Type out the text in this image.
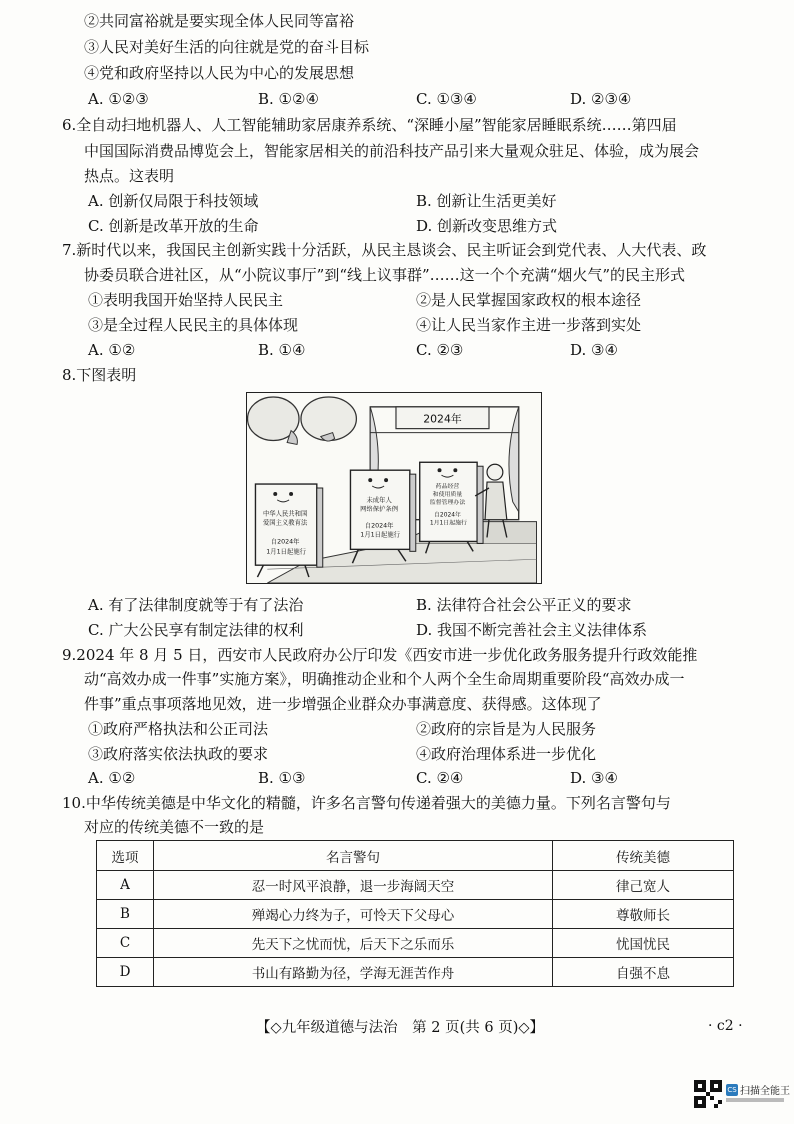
②共同富裕就是要实现全体人民同等富裕
③人民对美好生活的向往就是党的奋斗目标
④党和政府坚持以人民为中心的发展思想
A. ①②③	B. ①②④	C. ①③④	D. ②③④
6.全自动扫地机器人、人工智能辅助家居康养系统、“深睡小屋”智能家居睡眠系统……第四届
中国国际消费品博览会上，智能家居相关的前沿科技产品引来大量观众驻足、体验，成为展会
热点。这表明
A. 创新仅局限于科技领域	B. 创新让生活更美好
C. 创新是改革开放的生命	D. 创新改变思维方式
7.新时代以来，我国民主创新实践十分活跃，从民主恳谈会、民主听证会到党代表、人大代表、政
协委员联合进社区，从“小院议事厅”到“线上议事群”……这一个个充满“烟火气”的民主形式
①表明我国开始坚持人民民主	②是人民掌握国家政权的根本途径
③是全过程人民民主的具体体现	④让人民当家作主进一步落到实处
A. ①②	B. ①④	C. ②③	D. ③④
8.下图表明
2024年
中华人民共和国 爱国主义教育法 自2024年 1月1日起施行
未成年人 网络保护条例 自2024年 1月1日起施行
药品经营 和使用质量 监督管理办法 自2024年 1月1日起施行
A. 有了法律制度就等于有了法治	B. 法律符合社会公平正义的要求
C. 广大公民享有制定法律的权利	D. 我国不断完善社会主义法律体系
9.2024 年 8 月 5 日，西安市人民政府办公厅印发《西安市进一步优化政务服务提升行政效能推
动“高效办成一件事”实施方案》，明确推动企业和个人两个全生命周期重要阶段“高效办成一
件事”重点事项落地见效，进一步增强企业群众办事满意度、获得感。这体现了
①政府严格执法和公正司法	②政府的宗旨是为人民服务
③政府落实依法执政的要求	④政府治理体系进一步优化
A. ①②	B. ①③	C. ②④	D. ③④
10.中华传统美德是中华文化的精髓，许多名言警句传递着强大的美德力量。下列名言警句与
对应的传统美德不一致的是
选项	名言警句	传统美德
A	忍一时风平浪静，退一步海阔天空	律己宽人
B	殚竭心力终为子，可怜天下父母心	尊敬师长
C	先天下之忧而忧，后天下之乐而乐	忧国忧民
D	书山有路勤为径，学海无涯苦作舟	自强不息
【◇九年级道德与法治　第 2 页(共 6 页)◇】	· c2 ·
CS 扫描全能王
